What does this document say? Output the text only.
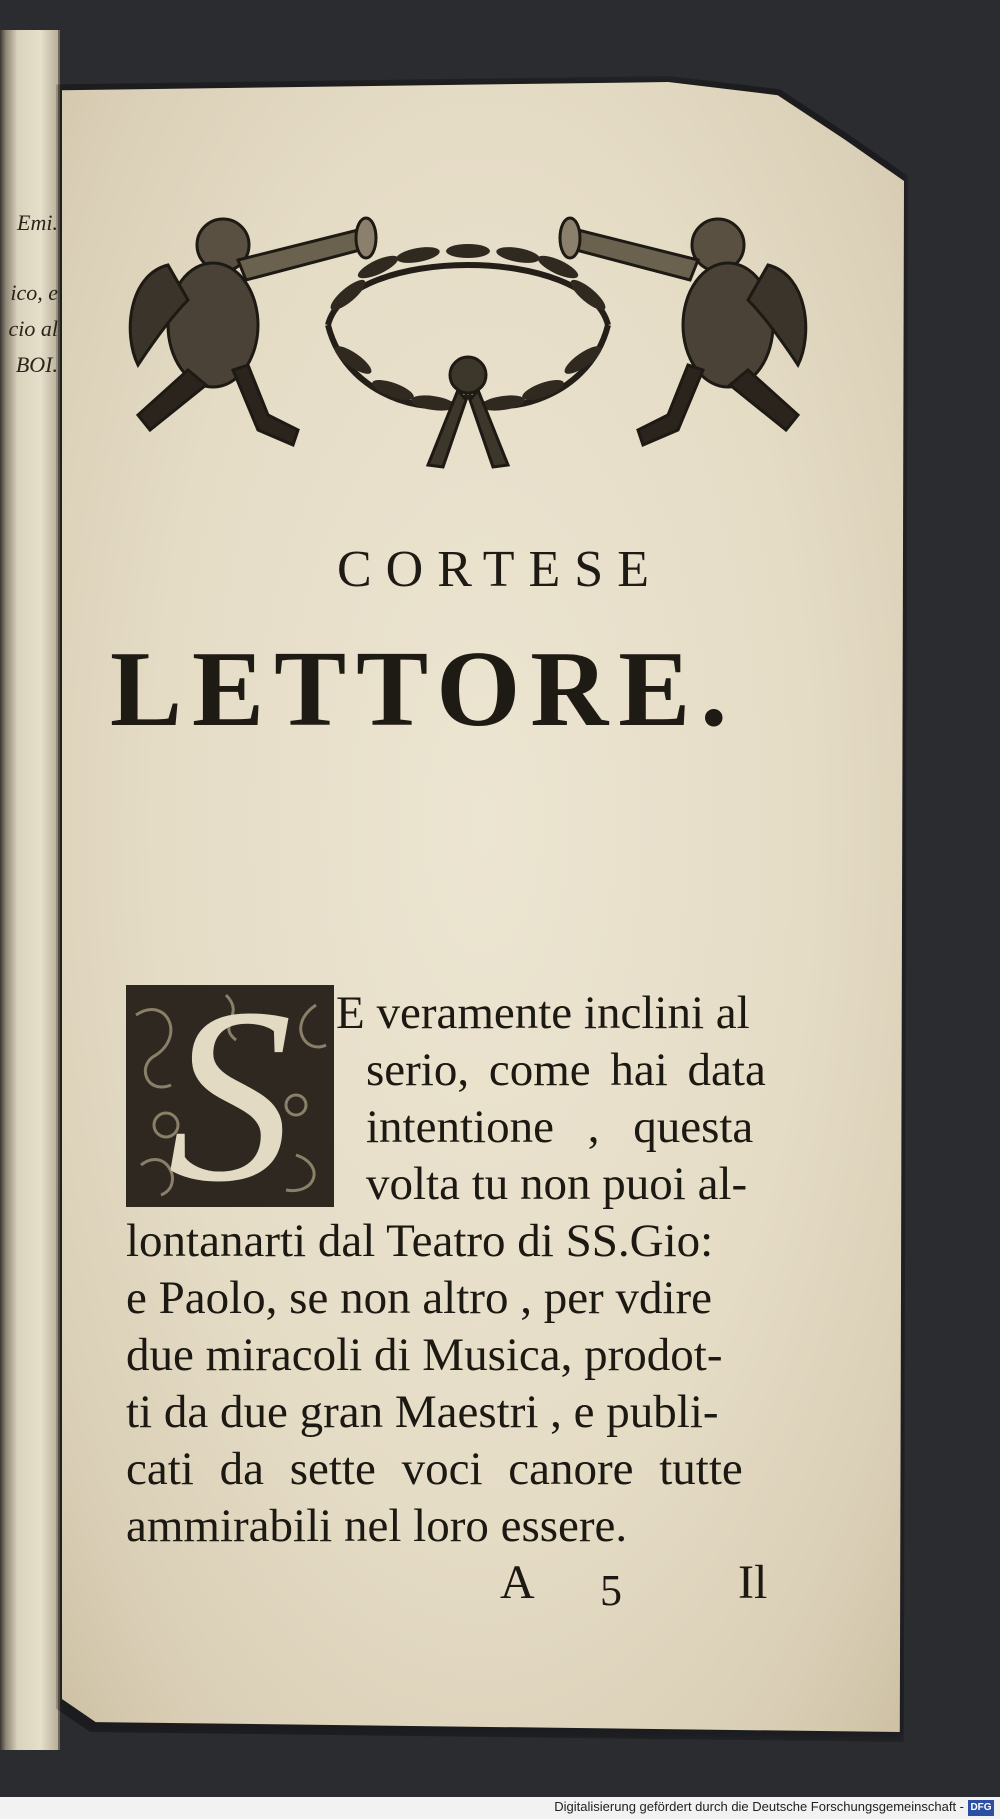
Emi.
ico, e
cio al
BOI.
CORTESE
LETTORE.
S E veramente inclini al
serio, come hai data
intentione , questa
volta tu non puoi al-
lontanarti dal Teatro di SS.Gio:
e Paolo, se non altro , per vdire
due miracoli di Musica, prodot-
ti da due gran Maestri , e publi-
cati da sette voci canore tutte
ammirabili nel loro essere.
A 5 Il
Digitalisierung gefördert durch die Deutsche Forschungsgemeinschaft - DFG
